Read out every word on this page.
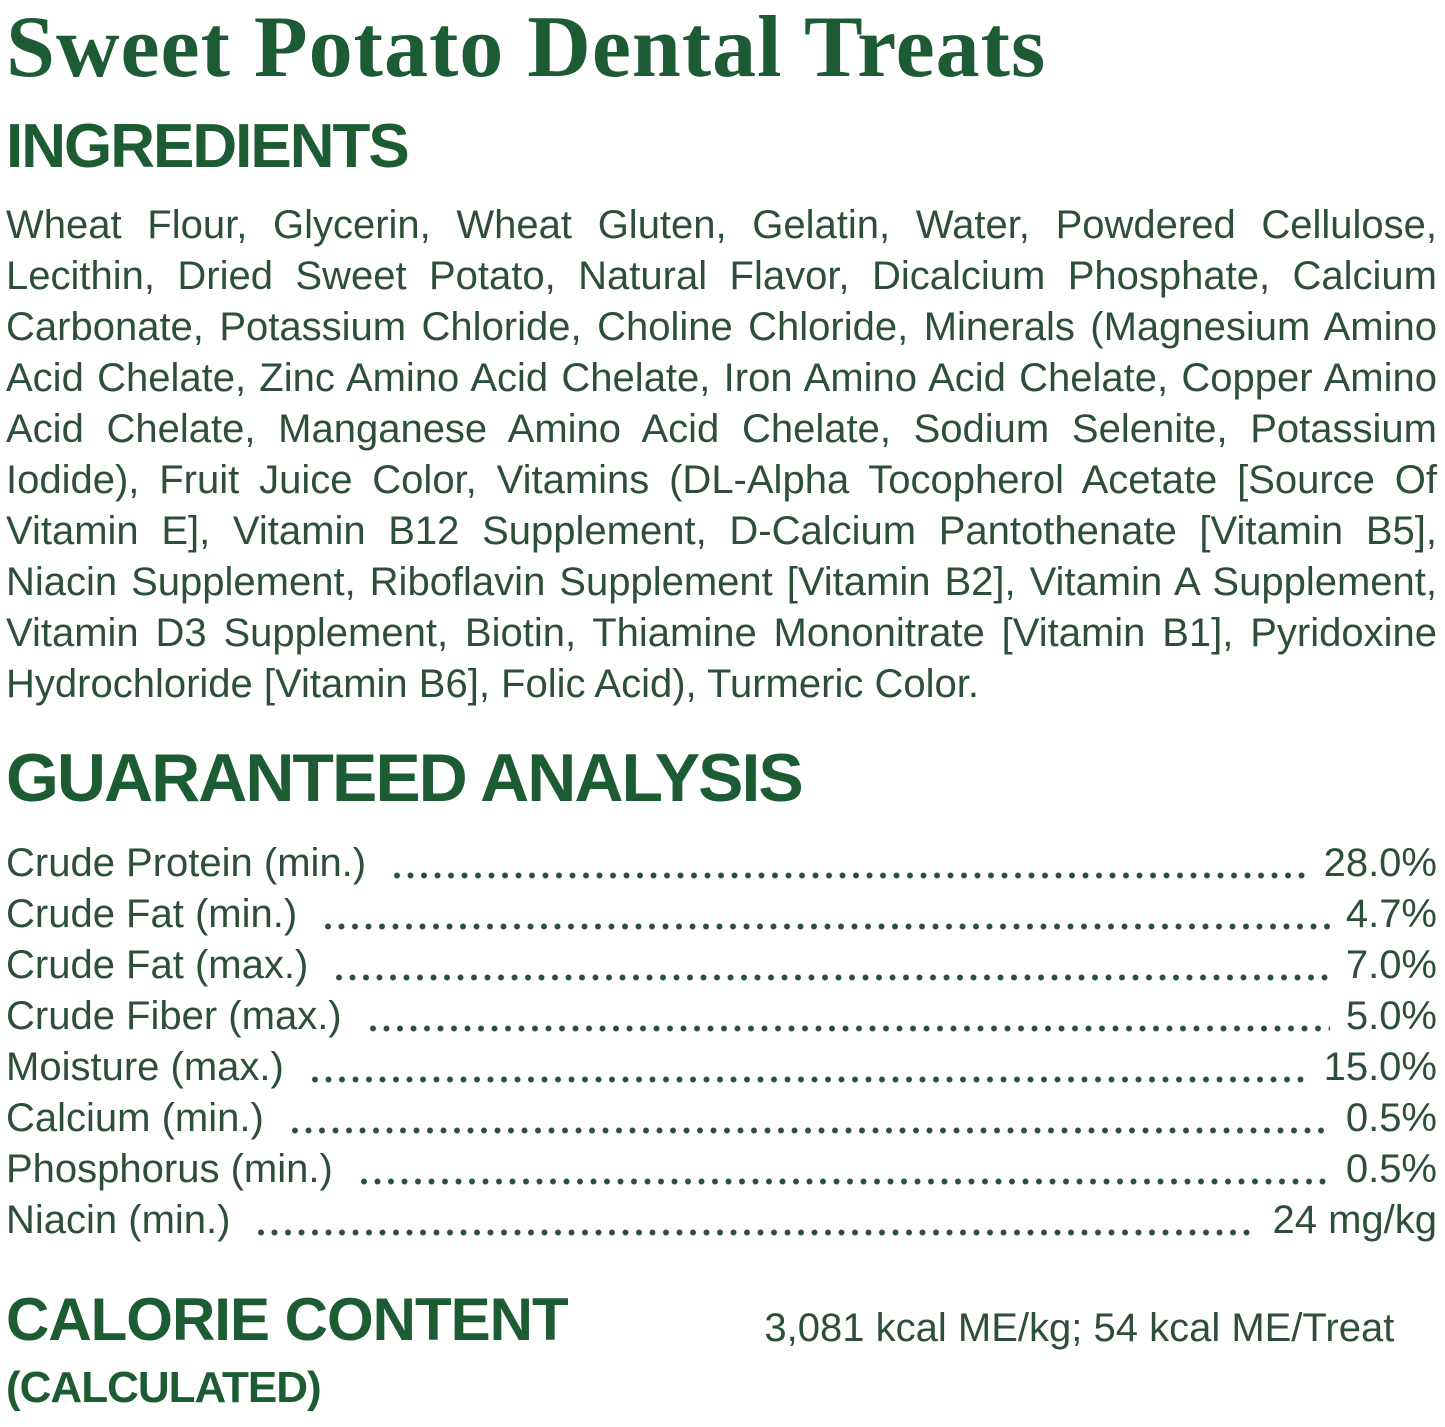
Sweet Potato Dental Treats
INGREDIENTS

Wheat Flour, Glycerin, Wheat Gluten, Gelatin, Water, Powdered Cellulose, Lecithin, Dried Sweet Potato, Natural Flavor, Dicalcium Phosphate, Calcium Carbonate, Potassium Chloride, Choline Chloride, Minerals (Magnesium Amino Acid Chelate, Zinc Amino Acid Chelate, Iron Amino Acid Chelate, Copper Amino Acid Chelate, Manganese Amino Acid Chelate, Sodium Selenite, Potassium Iodide), Fruit Juice Color, Vitamins (DL-Alpha Tocopherol Acetate [Source Of Vitamin E], Vitamin B12 Supplement, D-Calcium Pantothenate [Vitamin B5], Niacin Supplement, Riboflavin Supplement [Vitamin B2], Vitamin A Supplement, Vitamin D3 Supplement, Biotin, Thiamine Mononitrate [Vitamin B1], Pyridoxine Hydrochloride [Vitamin B6], Folic Acid), Turmeric Color.

GUARANTEED ANALYSIS
Crude Protein (min.)	28.0%
Crude Fat (min.)	4.7%
Crude Fat (max.)	7.0%
Crude Fiber (max.)	5.0%
Moisture (max.)	15.0%
Calcium (min.)	0.5%
Phosphorus (min.)	0.5%
Niacin (min.)	24 mg/kg
CALORIE CONTENT
(CALCULATED)
3,081 kcal ME/kg; 54 kcal ME/Treat
